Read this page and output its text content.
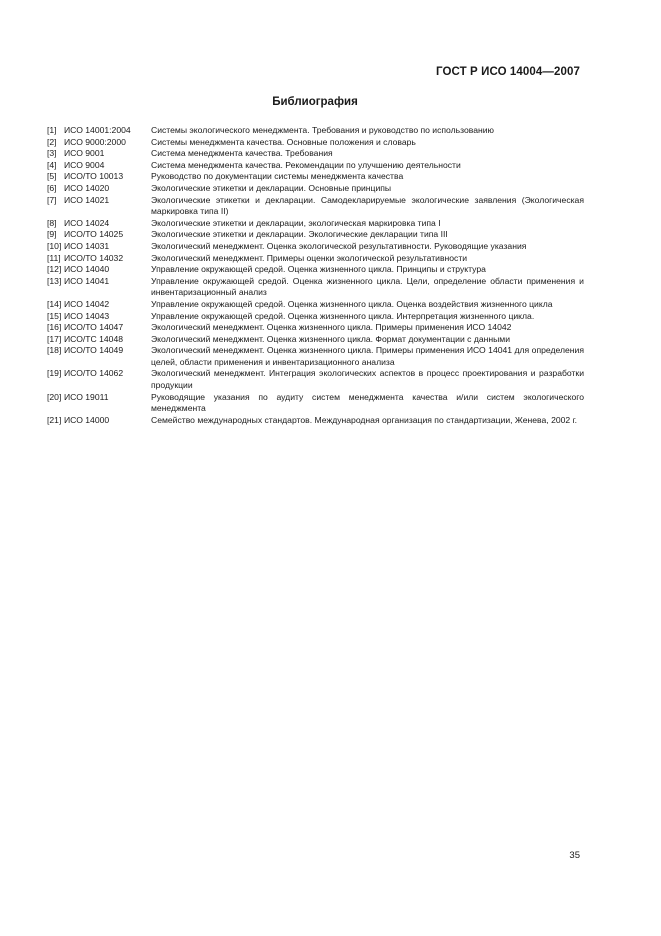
ГОСТ Р ИСО 14004—2007
Библиография
[1] ИСО 14001:2004	Системы экологического менеджмента. Требования и руководство по использованию
[2] ИСО 9000:2000	Системы менеджмента качества. Основные положения и словарь
[3] ИСО 9001	Система менеджмента качества. Требования
[4] ИСО 9004	Система менеджмента качества. Рекомендации по улучшению деятельности
[5] ИСО/ТО 10013	Руководство по документации системы менеджмента качества
[6] ИСО 14020	Экологические этикетки и декларации. Основные принципы
[7] ИСО 14021	Экологические этикетки и декларации. Самодекларируемые экологические заявления (Экологическая маркировка типа II)
[8] ИСО 14024	Экологические этикетки и декларации, экологическая маркировка типа I
[9] ИСО/ТО 14025	Экологические этикетки и декларации. Экологические декларации типа III
[10] ИСО 14031	Экологический менеджмент. Оценка экологической результативности. Руководящие указания
[11] ИСО/ТО 14032	Экологический менеджмент. Примеры оценки экологической результативности
[12] ИСО 14040	Управление окружающей средой. Оценка жизненного цикла. Принципы и структура
[13] ИСО 14041	Управление окружающей средой. Оценка жизненного цикла. Цели, определение области применения и инвентаризационный анализ
[14] ИСО 14042	Управление окружающей средой. Оценка жизненного цикла. Оценка воздействия жизненного цикла
[15] ИСО 14043	Управление окружающей средой. Оценка жизненного цикла. Интерпретация жизненного цикла.
[16] ИСО/ТО 14047	Экологический менеджмент. Оценка жизненного цикла. Примеры применения ИСО 14042
[17] ИСО/ТС 14048	Экологический менеджмент. Оценка жизненного цикла. Формат документации с данными
[18] ИСО/ТО 14049	Экологический менеджмент. Оценка жизненного цикла. Примеры применения ИСО 14041 для определения целей, области применения и инвентаризационного анализа
[19] ИСО/ТО 14062	Экологический менеджмент. Интеграция экологических аспектов в процесс проектирования и разработки продукции
[20] ИСО 19011	Руководящие указания по аудиту систем менеджмента качества и/или систем экологического менеджмента
[21] ИСО 14000	Семейство международных стандартов. Международная организация по стандартизации, Женева, 2002 г.
35
